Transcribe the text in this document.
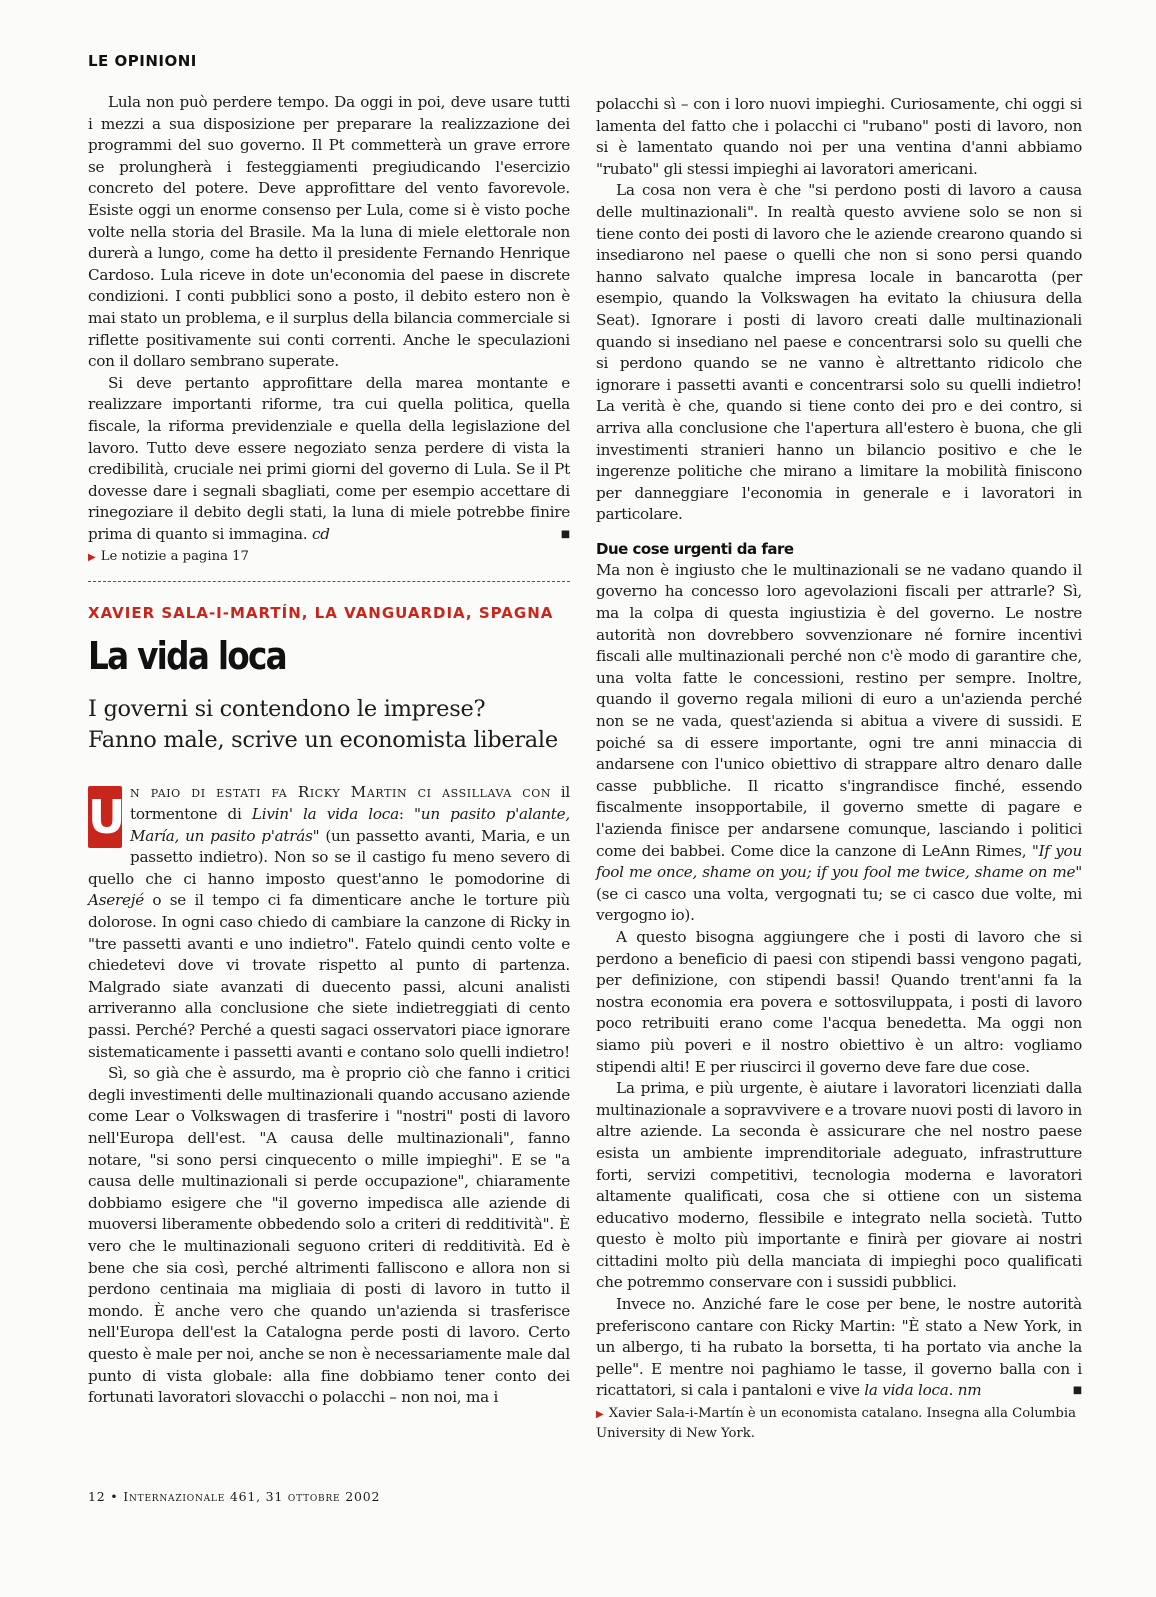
LE OPINIONI

Lula non può perdere tempo. Da oggi in poi, deve usare tutti i mezzi a sua disposizione per preparare la realizzazione dei programmi del suo governo. Il Pt commetterà un grave errore se prolungherà i festeggiamenti pregiudicando l'esercizio concreto del potere. Deve approfittare del vento favorevole. Esiste oggi un enorme consenso per Lula, come si è visto poche volte nella storia del Brasile. Ma la luna di miele elettorale non durerà a lungo, come ha detto il presidente Fernando Henrique Cardoso. Lula riceve in dote un'economia del paese in discrete condizioni. I conti pubblici sono a posto, il debito estero non è mai stato un problema, e il surplus della bilancia commerciale si riflette positivamente sui conti correnti. Anche le speculazioni con il dollaro sembrano superate.

Si deve pertanto approfittare della marea montante e realizzare importanti riforme, tra cui quella politica, quella fiscale, la riforma previdenziale e quella della legislazione del lavoro. Tutto deve essere negoziato senza perdere di vista la credibilità, cruciale nei primi giorni del governo di Lula. Se il Pt dovesse dare i segnali sbagliati, come per esempio accettare di rinegoziare il debito degli stati, la luna di miele potrebbe finire prima di quanto si immagina. cd	■

▶ Le notizie a pagina 17
XAVIER SALA-I-MARTÍN, LA VANGUARDIA, SPAGNA
La vida loca
I governi si contendono le imprese?
Fanno male, scrive un economista liberale

U n paio di estati fa Ricky Martin ci assillava con il tormentone di Livin' la vida loca: "un pasito p'alante, María, un pasito p'atrás" (un passetto avanti, Maria, e un passetto indietro). Non so se il castigo fu meno severo di quello che ci hanno imposto quest'anno le pomodorine di Aserejé o se il tempo ci fa dimenticare anche le torture più dolorose. In ogni caso chiedo di cambiare la canzone di Ricky in "tre passetti avanti e uno indietro". Fatelo quindi cento volte e chiedetevi dove vi trovate rispetto al punto di partenza. Malgrado siate avanzati di duecento passi, alcuni analisti arriveranno alla conclusione che siete indietreggiati di cento passi. Perché? Perché a questi sagaci osservatori piace ignorare sistematicamente i passetti avanti e contano solo quelli indietro!

Sì, so già che è assurdo, ma è proprio ciò che fanno i critici degli investimenti delle multinazionali quando accusano aziende come Lear o Volkswagen di trasferire i "nostri" posti di lavoro nell'Europa dell'est. "A causa delle multinazionali", fanno notare, "si sono persi cinquecento o mille impieghi". E se "a causa delle multinazionali si perde occupazione", chiaramente dobbiamo esigere che "il governo impedisca alle aziende di muoversi liberamente obbedendo solo a criteri di redditività". È vero che le multinazionali seguono criteri di redditività. Ed è bene che sia così, perché altrimenti falliscono e allora non si perdono centinaia ma migliaia di posti di lavoro in tutto il mondo. È anche vero che quando un'azienda si trasferisce nell'Europa dell'est la Catalogna perde posti di lavoro. Certo questo è male per noi, anche se non è necessariamente male dal punto di vista globale: alla fine dobbiamo tener conto dei fortunati lavoratori slovacchi o polacchi – non noi, ma i

polacchi sì – con i loro nuovi impieghi. Curiosamente, chi oggi si lamenta del fatto che i polacchi ci "rubano" posti di lavoro, non si è lamentato quando noi per una ventina d'anni abbiamo "rubato" gli stessi impieghi ai lavoratori americani.

La cosa non vera è che "si perdono posti di lavoro a causa delle multinazionali". In realtà questo avviene solo se non si tiene conto dei posti di lavoro che le aziende crearono quando si insediarono nel paese o quelli che non si sono persi quando hanno salvato qualche impresa locale in bancarotta (per esempio, quando la Volkswagen ha evitato la chiusura della Seat). Ignorare i posti di lavoro creati dalle multinazionali quando si insediano nel paese e concentrarsi solo su quelli che si perdono quando se ne vanno è altrettanto ridicolo che ignorare i passetti avanti e concentrarsi solo su quelli indietro! La verità è che, quando si tiene conto dei pro e dei contro, si arriva alla conclusione che l'apertura all'estero è buona, che gli investimenti stranieri hanno un bilancio positivo e che le ingerenze politiche che mirano a limitare la mobilità finiscono per danneggiare l'economia in generale e i lavoratori in particolare.

Due cose urgenti da fare

Ma non è ingiusto che le multinazionali se ne vadano quando il governo ha concesso loro agevolazioni fiscali per attrarle? Sì, ma la colpa di questa ingiustizia è del governo. Le nostre autorità non dovrebbero sovvenzionare né fornire incentivi fiscali alle multinazionali perché non c'è modo di garantire che, una volta fatte le concessioni, restino per sempre. Inoltre, quando il governo regala milioni di euro a un'azienda perché non se ne vada, quest'azienda si abitua a vivere di sussidi. E poiché sa di essere importante, ogni tre anni minaccia di andarsene con l'unico obiettivo di strappare altro denaro dalle casse pubbliche. Il ricatto s'ingrandisce finché, essendo fiscalmente insopportabile, il governo smette di pagare e l'azienda finisce per andarsene comunque, lasciando i politici come dei babbei. Come dice la canzone di LeAnn Rimes, "If you fool me once, shame on you; if you fool me twice, shame on me" (se ci casco una volta, vergognati tu; se ci casco due volte, mi vergogno io).

A questo bisogna aggiungere che i posti di lavoro che si perdono a beneficio di paesi con stipendi bassi vengono pagati, per definizione, con stipendi bassi! Quando trent'anni fa la nostra economia era povera e sottosviluppata, i posti di lavoro poco retribuiti erano come l'acqua benedetta. Ma oggi non siamo più poveri e il nostro obiettivo è un altro: vogliamo stipendi alti! E per riuscirci il governo deve fare due cose.

La prima, e più urgente, è aiutare i lavoratori licenziati dalla multinazionale a sopravvivere e a trovare nuovi posti di lavoro in altre aziende. La seconda è assicurare che nel nostro paese esista un ambiente imprenditoriale adeguato, infrastrutture forti, servizi competitivi, tecnologia moderna e lavoratori altamente qualificati, cosa che si ottiene con un sistema educativo moderno, flessibile e integrato nella società. Tutto questo è molto più importante e finirà per giovare ai nostri cittadini molto più della manciata di impieghi poco qualificati che potremmo conservare con i sussidi pubblici.

Invece no. Anziché fare le cose per bene, le nostre autorità preferiscono cantare con Ricky Martin: "È stato a New York, in un albergo, ti ha rubato la borsetta, ti ha portato via anche la pelle". E mentre noi paghiamo le tasse, il governo balla con i ricattatori, si cala i pantaloni e vive la vida loca. nm	■

▶ Xavier Sala-i-Martín è un economista catalano. Insegna alla Columbia University di New York.
12 • Internazionale 461, 31 ottobre 2002
